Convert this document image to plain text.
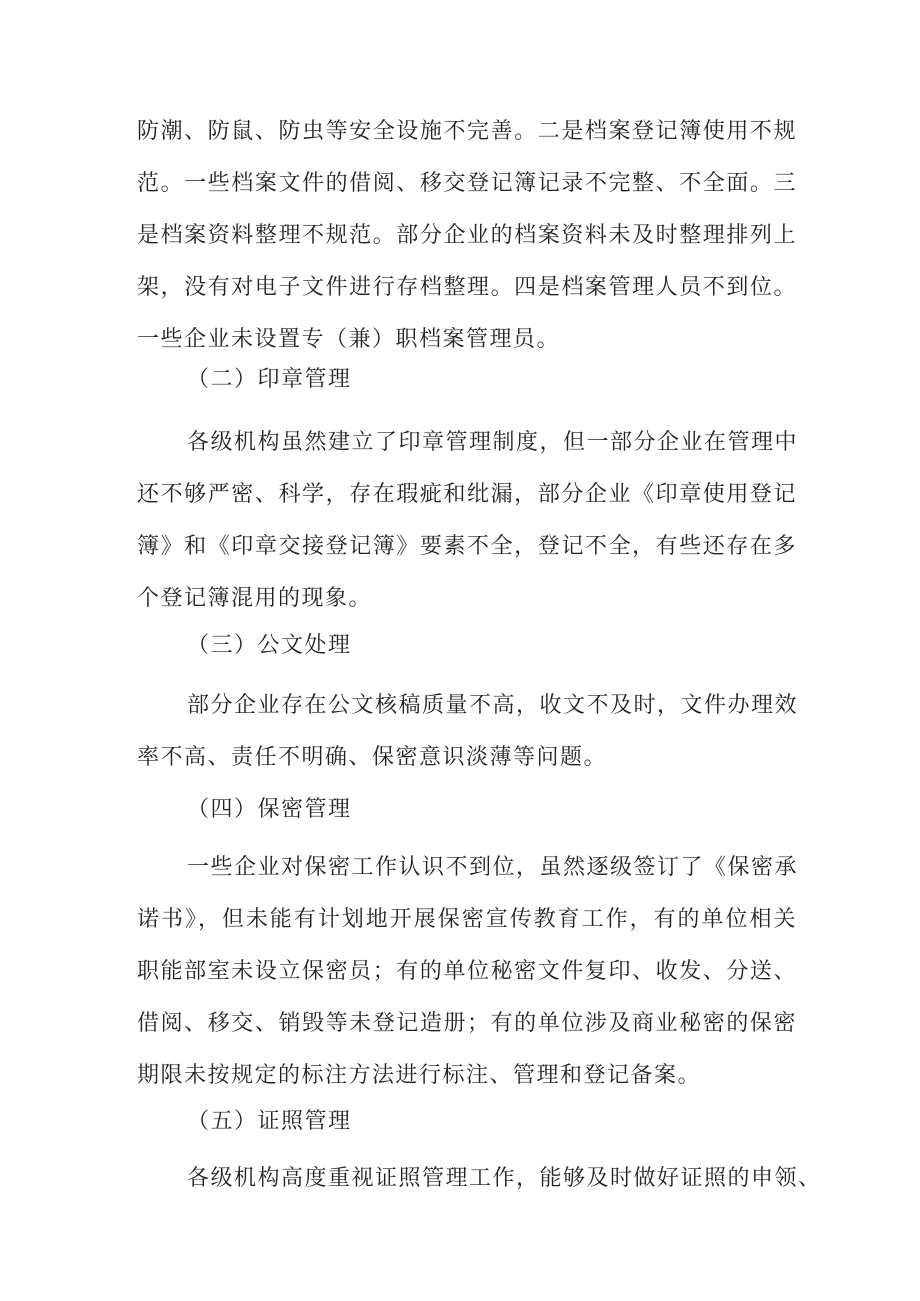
防潮、防鼠、防虫等安全设施不完善。二是档案登记簿使用不规
范。一些档案文件的借阅、移交登记簿记录不完整、不全面。三
是档案资料整理不规范。部分企业的档案资料未及时整理排列上
架，没有对电子文件进行存档整理。四是档案管理人员不到位。
一些企业未设置专（兼）职档案管理员。
（二）印章管理
各级机构虽然建立了印章管理制度，但一部分企业在管理中
还不够严密、科学，存在瑕疵和纰漏，部分企业《印章使用登记
簿》和《印章交接登记簿》要素不全，登记不全，有些还存在多
个登记簿混用的现象。
（三）公文处理
部分企业存在公文核稿质量不高，收文不及时，文件办理效
率不高、责任不明确、保密意识淡薄等问题。
（四）保密管理
一些企业对保密工作认识不到位，虽然逐级签订了《保密承
诺书》，但未能有计划地开展保密宣传教育工作，有的单位相关
职能部室未设立保密员；有的单位秘密文件复印、收发、分送、
借阅、移交、销毁等未登记造册；有的单位涉及商业秘密的保密
期限未按规定的标注方法进行标注、管理和登记备案。
（五）证照管理
各级机构高度重视证照管理工作，能够及时做好证照的申领、
